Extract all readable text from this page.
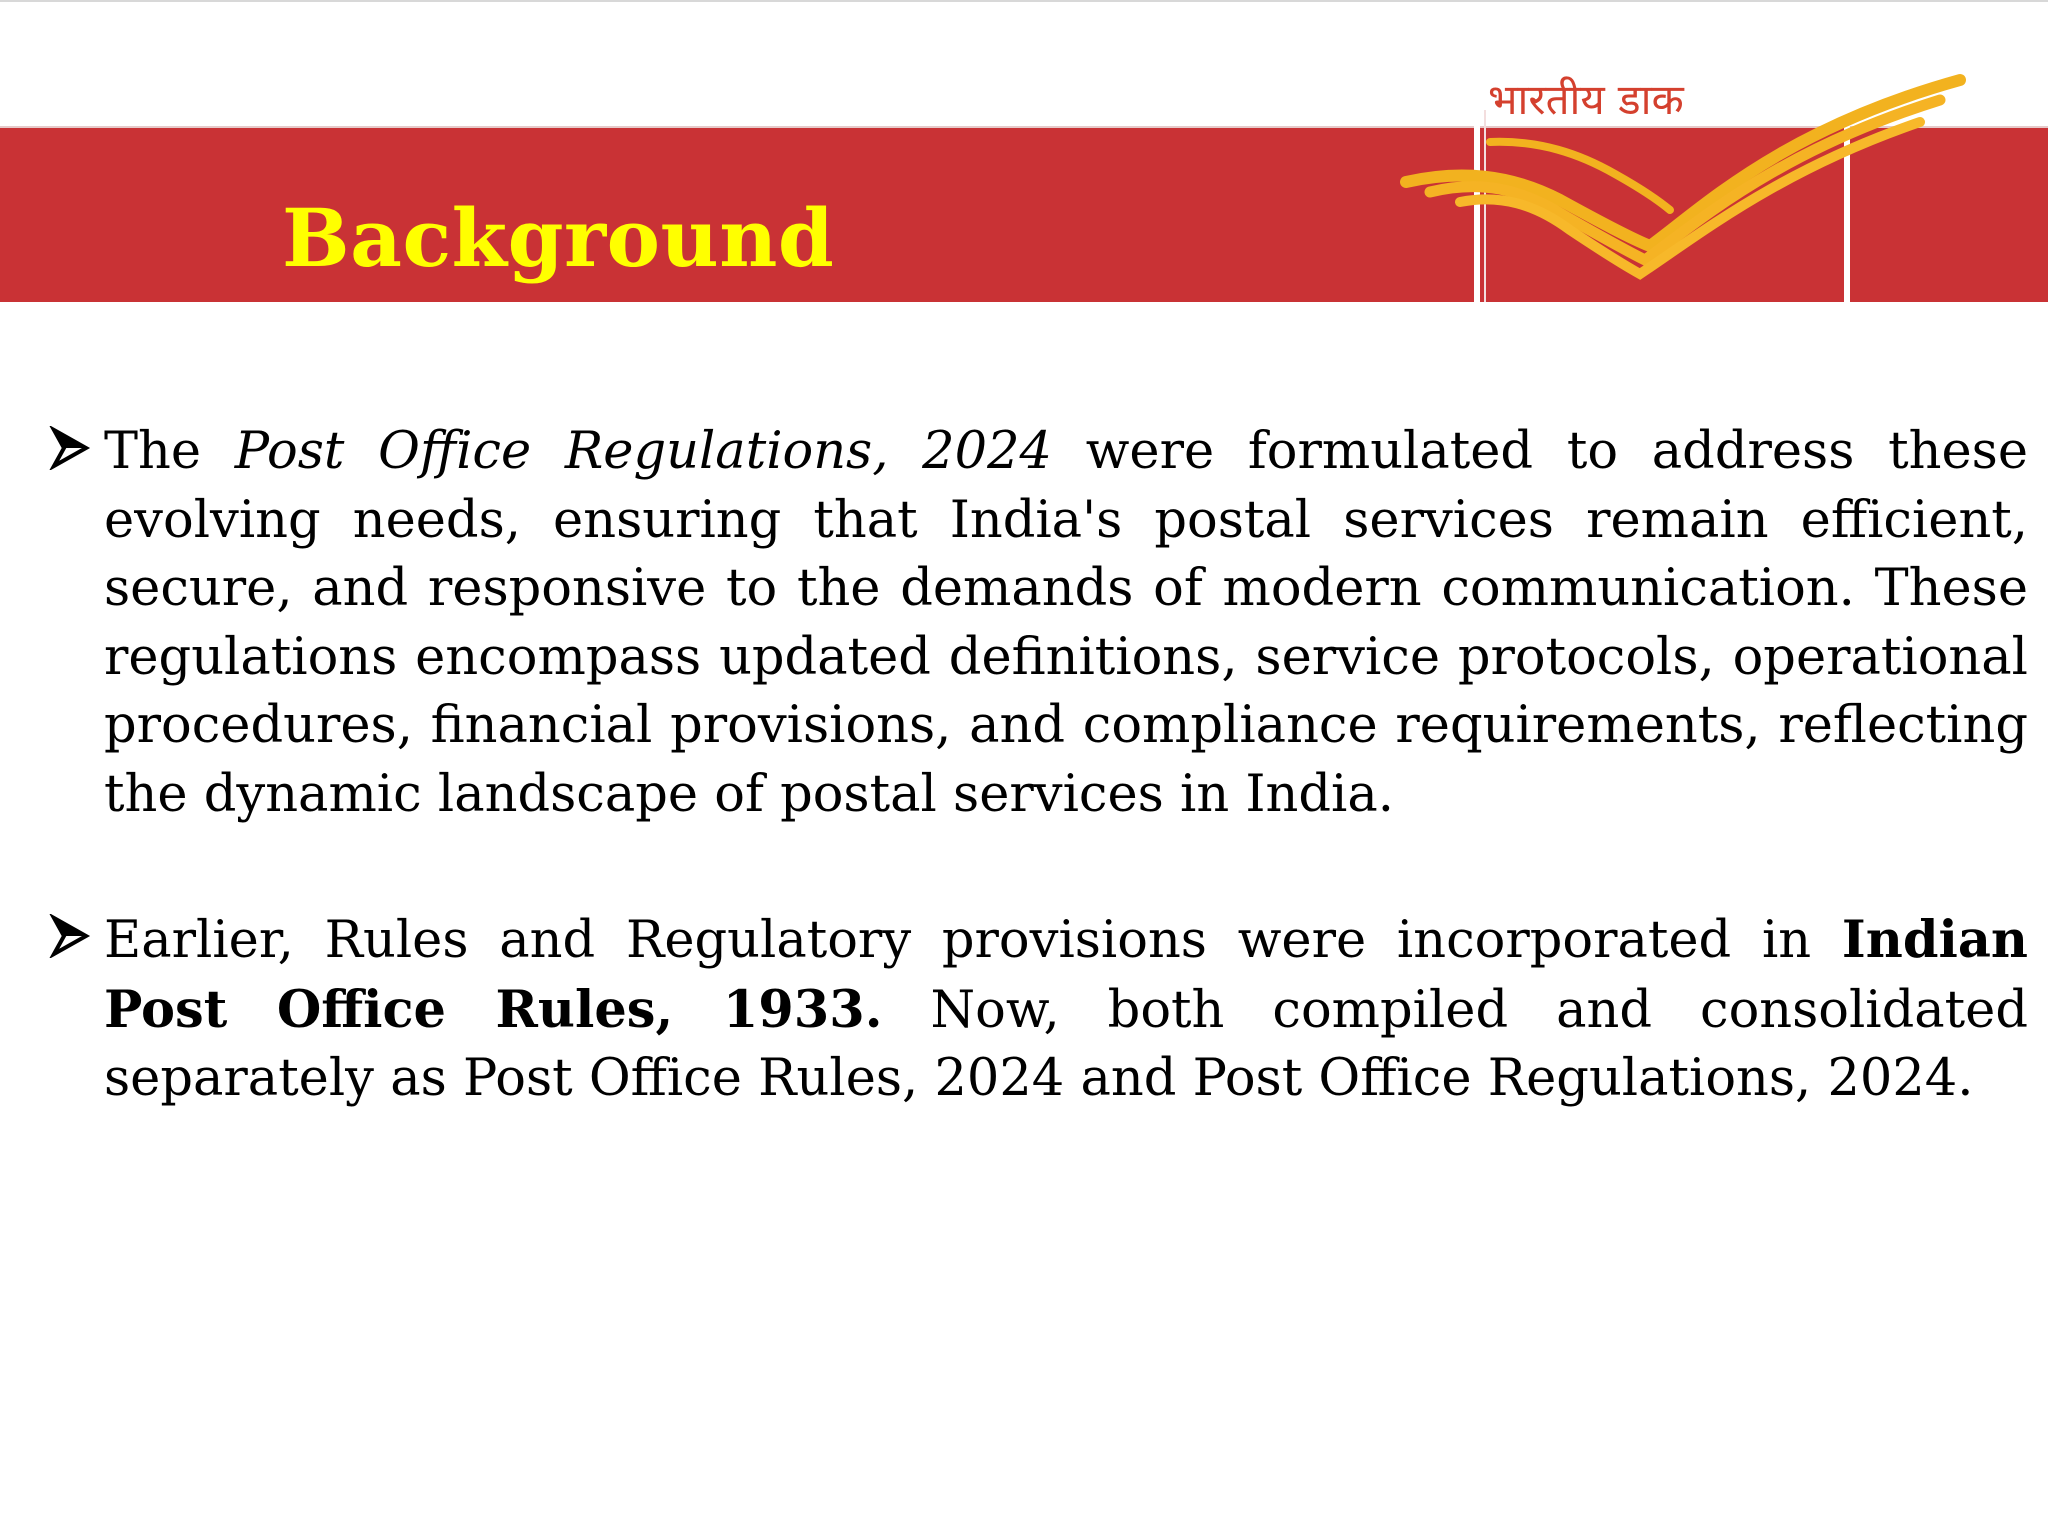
Background
भारतीय डाक

The Post Office Regulations, 2024 were formulated to address these evolving needs, ensuring that India's postal services remain efficient, secure, and responsive to the demands of modern communication. These regulations encompass updated definitions, service protocols, operational procedures, financial provisions, and compliance requirements, reflecting the dynamic landscape of postal services in India.

Earlier, Rules and Regulatory provisions were incorporated in Indian Post Office Rules, 1933. Now, both compiled and consolidated separately as Post Office Rules, 2024 and Post Office Regulations, 2024.
